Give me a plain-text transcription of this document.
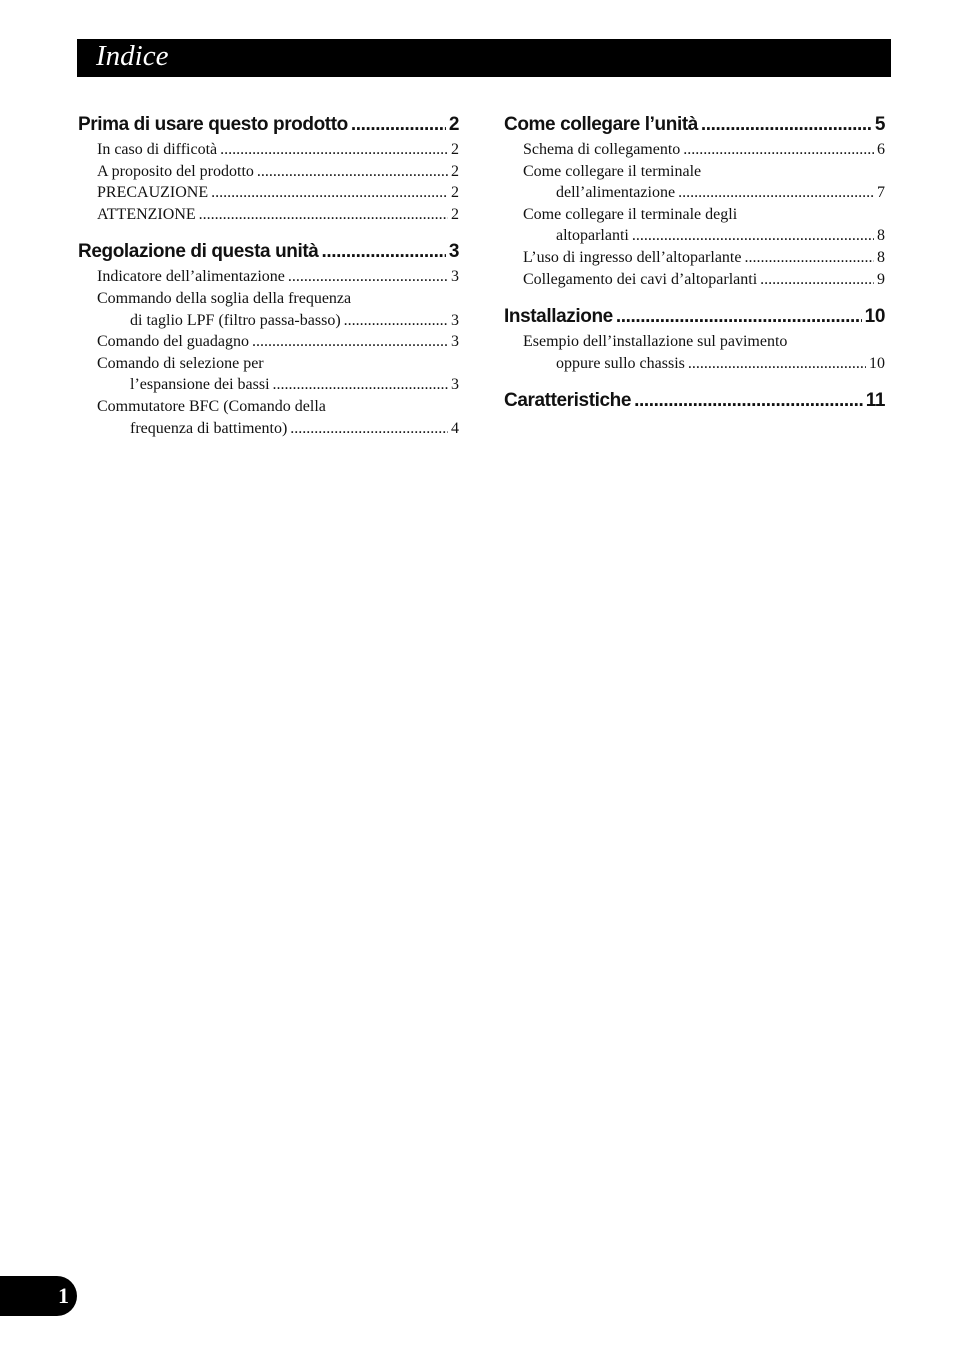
Indice
Prima di usare questo prodotto .....	2
In caso di difficotà .....	2
A proposito del prodotto .....	2
PRECAUZIONE .....	2
ATTENZIONE .....	2
Regolazione di questa unità .....	3
Indicatore dell’alimentazione .....	3
Commando della soglia della frequenza
di taglio LPF (filtro passa-basso) .....	3
Comando del guadagno .....	3
Comando di selezione per
l’espansione dei bassi .....	3
Commutatore BFC (Comando della
frequenza di battimento) .....	4
Come collegare l’unità .....	5
Schema di collegamento .....	6
Come collegare il terminale
dell’alimentazione .....	7
Come collegare il terminale degli
altoparlanti .....	8
L’uso di ingresso dell’altoparlante .....	8
Collegamento dei cavi d’altoparlanti .....	9
Installazione .....	10
Esempio dell’installazione sul pavimento
oppure sullo chassis .....	10
Caratteristiche .....	11
1
